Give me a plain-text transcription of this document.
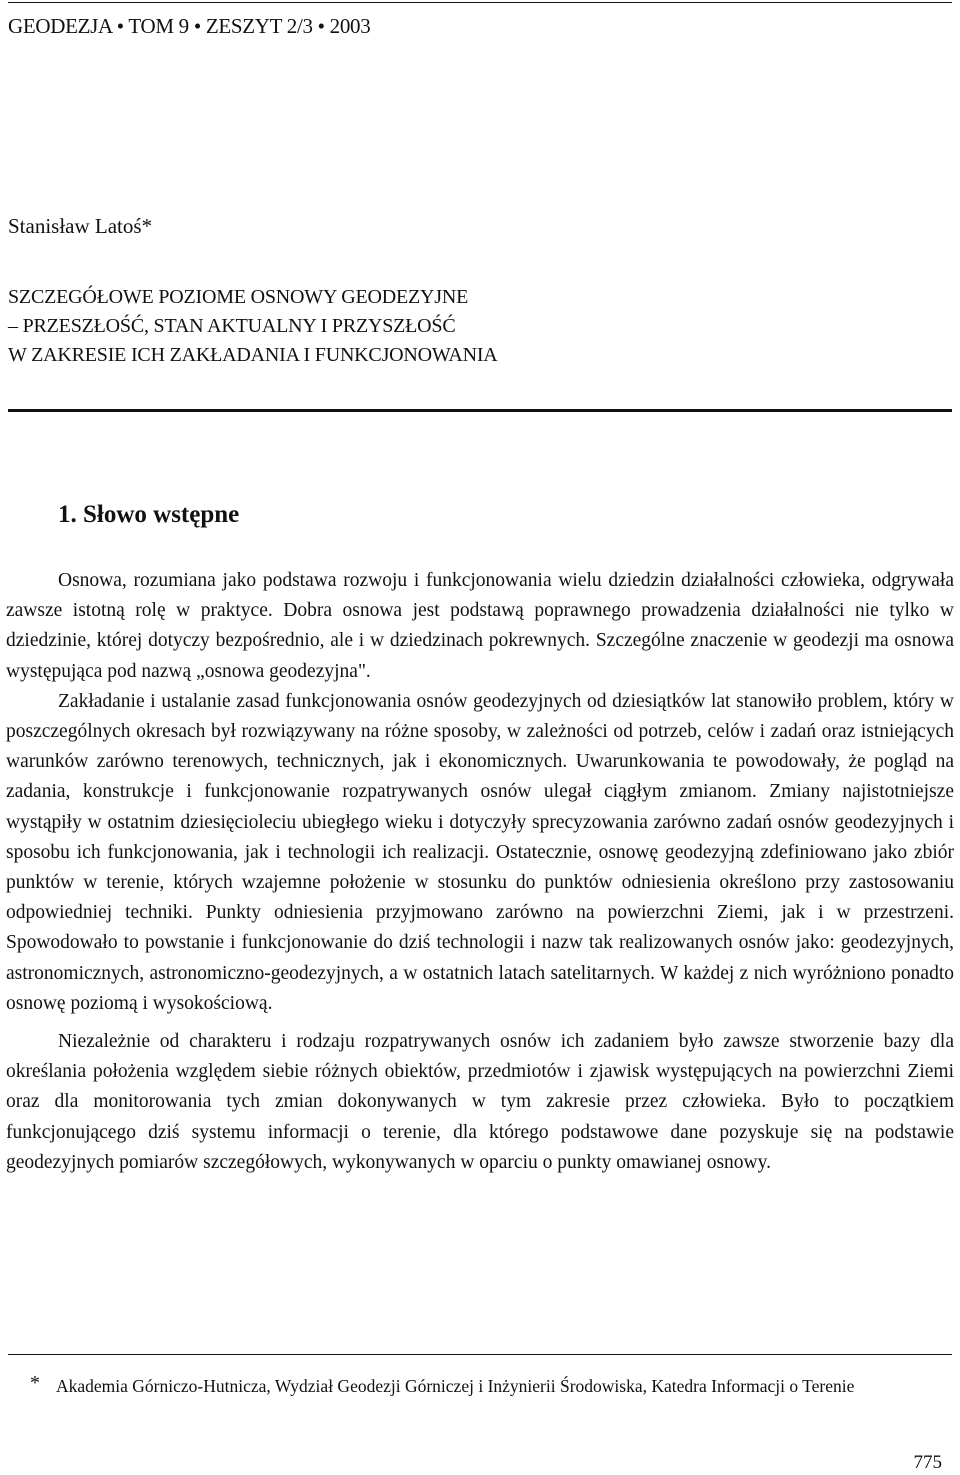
GEODEZJA • TOM 9 • ZESZYT 2/3 • 2003
Stanisław Latoś*
SZCZEGÓŁOWE POZIOME OSNOWY GEODEZYJNE
– PRZESZŁOŚĆ, STAN AKTUALNY I PRZYSZŁOŚĆ
W ZAKRESIE ICH ZAKŁADANIA I FUNKCJONOWANIA
1. Słowo wstępne

Osnowa, rozumiana jako podstawa rozwoju i funkcjonowania wielu dziedzin działalności człowieka, odgrywała zawsze istotną rolę w praktyce. Dobra osnowa jest podstawą poprawnego prowadzenia działalności nie tylko w dziedzinie, której dotyczy bezpośrednio, ale i w dziedzinach pokrewnych. Szczególne znaczenie w geodezji ma osnowa występująca pod nazwą „osnowa geodezyjna".

Zakładanie i ustalanie zasad funkcjonowania osnów geodezyjnych od dziesiątków lat stanowiło problem, który w poszczególnych okresach był rozwiązywany na różne sposoby, w zależności od potrzeb, celów i zadań oraz istniejących warunków zarówno terenowych, technicznych, jak i ekonomicznych. Uwarunkowania te powodowały, że pogląd na zadania, konstrukcje i funkcjonowanie rozpatrywanych osnów ulegał ciągłym zmianom. Zmiany najistotniejsze wystąpiły w ostatnim dziesięcioleciu ubiegłego wieku i dotyczyły sprecyzowania zarówno zadań osnów geodezyjnych i sposobu ich funkcjonowania, jak i technologii ich realizacji. Ostatecznie, osnowę geodezyjną zdefiniowano jako zbiór punktów w terenie, których wzajemne położenie w stosunku do punktów odniesienia określono przy zastosowaniu odpowiedniej techniki. Punkty odniesienia przyjmowano zarówno na powierzchni Ziemi, jak i w przestrzeni. Spowodowało to powstanie i funkcjonowanie do dziś technologii i nazw tak realizowanych osnów jako: geodezyjnych, astronomicznych, astronomiczno-geodezyjnych, a w ostatnich latach satelitarnych. W każdej z nich wyróżniono ponadto osnowę poziomą i wysokościową.

Niezależnie od charakteru i rodzaju rozpatrywanych osnów ich zadaniem było zawsze stworzenie bazy dla określania położenia względem siebie różnych obiektów, przedmiotów i zjawisk występujących na powierzchni Ziemi oraz dla monitorowania tych zmian dokonywanych w tym zakresie przez człowieka. Było to początkiem funkcjonującego dziś systemu informacji o terenie, dla którego podstawowe dane pozyskuje się na podstawie geodezyjnych pomiarów szczegółowych, wykonywanych w oparciu o punkty omawianej osnowy.

* Akademia Górniczo-Hutnicza, Wydział Geodezji Górniczej i Inżynierii Środowiska, Katedra Informacji o Terenie
775
